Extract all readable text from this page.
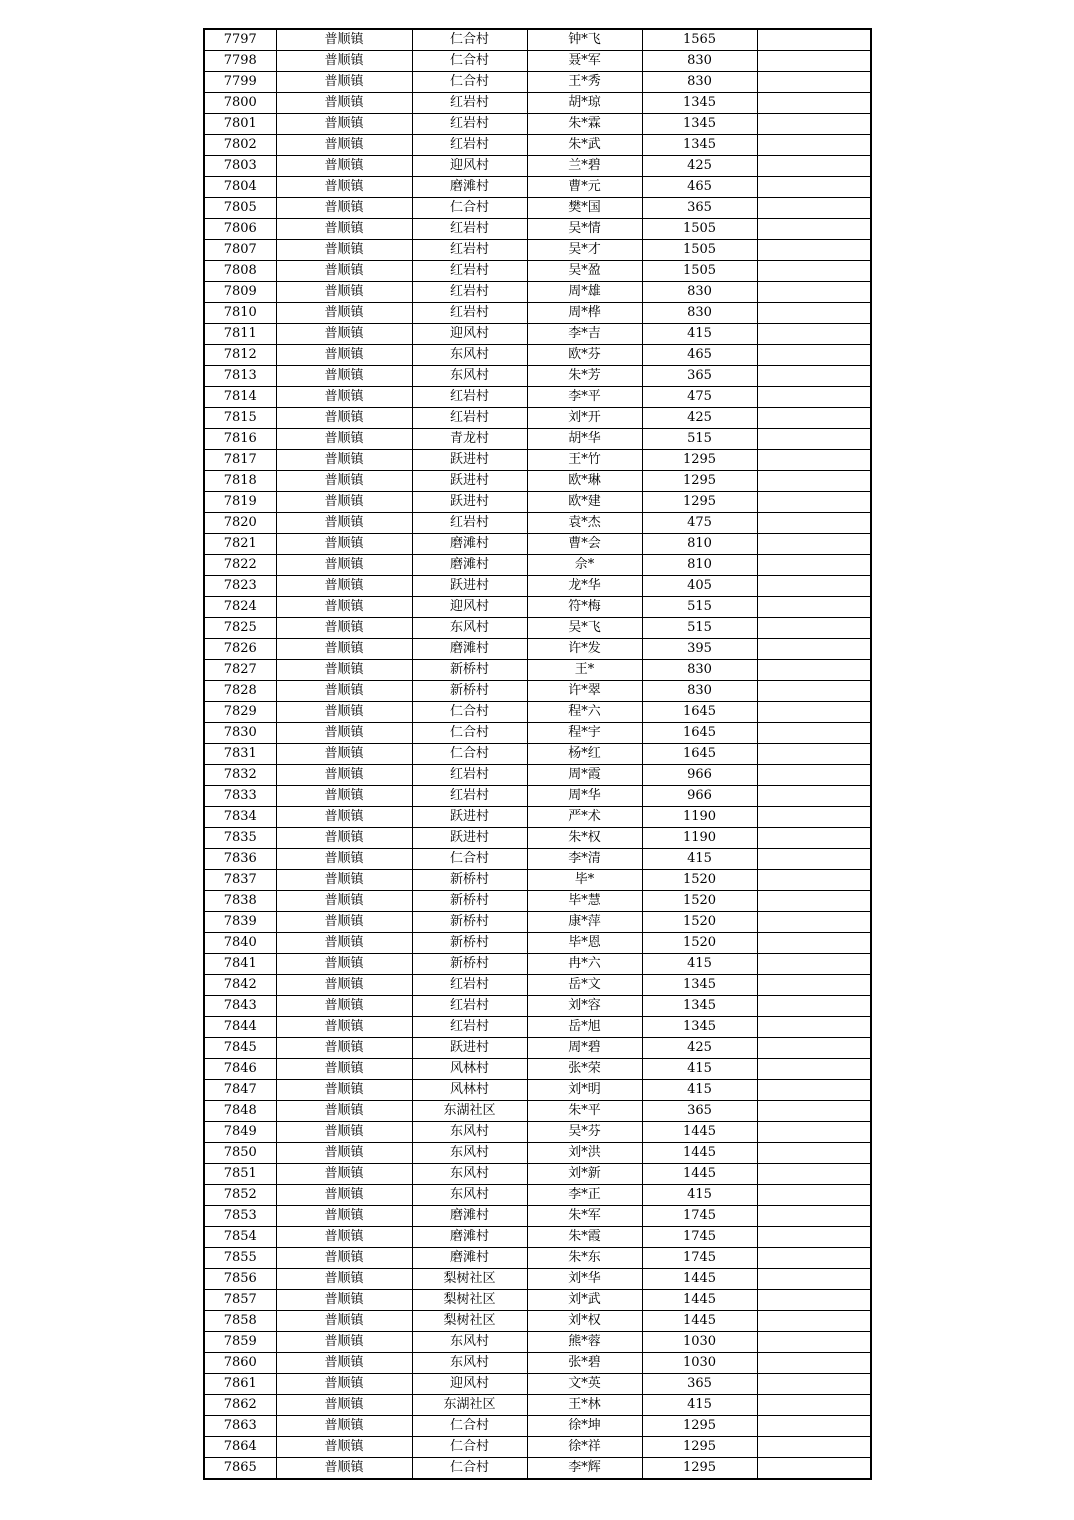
7797	普顺镇	仁合村	钟*飞	1565	
7798	普顺镇	仁合村	聂*军	830	
7799	普顺镇	仁合村	王*秀	830	
7800	普顺镇	红岩村	胡*琼	1345	
7801	普顺镇	红岩村	朱*霖	1345	
7802	普顺镇	红岩村	朱*武	1345	
7803	普顺镇	迎风村	兰*碧	425	
7804	普顺镇	磨滩村	曹*元	465	
7805	普顺镇	仁合村	樊*国	365	
7806	普顺镇	红岩村	吴*情	1505	
7807	普顺镇	红岩村	吴*才	1505	
7808	普顺镇	红岩村	吴*盈	1505	
7809	普顺镇	红岩村	周*雄	830	
7810	普顺镇	红岩村	周*桦	830	
7811	普顺镇	迎风村	李*吉	415	
7812	普顺镇	东风村	欧*芬	465	
7813	普顺镇	东风村	朱*芳	365	
7814	普顺镇	红岩村	李*平	475	
7815	普顺镇	红岩村	刘*开	425	
7816	普顺镇	青龙村	胡*华	515	
7817	普顺镇	跃进村	王*竹	1295	
7818	普顺镇	跃进村	欧*琳	1295	
7819	普顺镇	跃进村	欧*建	1295	
7820	普顺镇	红岩村	袁*杰	475	
7821	普顺镇	磨滩村	曹*会	810	
7822	普顺镇	磨滩村	佘*	810	
7823	普顺镇	跃进村	龙*华	405	
7824	普顺镇	迎风村	符*梅	515	
7825	普顺镇	东风村	吴*飞	515	
7826	普顺镇	磨滩村	许*发	395	
7827	普顺镇	新桥村	王*	830	
7828	普顺镇	新桥村	许*翠	830	
7829	普顺镇	仁合村	程*六	1645	
7830	普顺镇	仁合村	程*宇	1645	
7831	普顺镇	仁合村	杨*红	1645	
7832	普顺镇	红岩村	周*霞	966	
7833	普顺镇	红岩村	周*华	966	
7834	普顺镇	跃进村	严*术	1190	
7835	普顺镇	跃进村	朱*权	1190	
7836	普顺镇	仁合村	李*清	415	
7837	普顺镇	新桥村	毕*	1520	
7838	普顺镇	新桥村	毕*慧	1520	
7839	普顺镇	新桥村	康*萍	1520	
7840	普顺镇	新桥村	毕*恩	1520	
7841	普顺镇	新桥村	冉*六	415	
7842	普顺镇	红岩村	岳*文	1345	
7843	普顺镇	红岩村	刘*容	1345	
7844	普顺镇	红岩村	岳*旭	1345	
7845	普顺镇	跃进村	周*碧	425	
7846	普顺镇	风林村	张*荣	415	
7847	普顺镇	风林村	刘*明	415	
7848	普顺镇	东湖社区	朱*平	365	
7849	普顺镇	东风村	吴*芬	1445	
7850	普顺镇	东风村	刘*洪	1445	
7851	普顺镇	东风村	刘*新	1445	
7852	普顺镇	东风村	李*正	415	
7853	普顺镇	磨滩村	朱*军	1745	
7854	普顺镇	磨滩村	朱*霞	1745	
7855	普顺镇	磨滩村	朱*东	1745	
7856	普顺镇	梨树社区	刘*华	1445	
7857	普顺镇	梨树社区	刘*武	1445	
7858	普顺镇	梨树社区	刘*权	1445	
7859	普顺镇	东风村	熊*蓉	1030	
7860	普顺镇	东风村	张*碧	1030	
7861	普顺镇	迎风村	文*英	365	
7862	普顺镇	东湖社区	王*林	415	
7863	普顺镇	仁合村	徐*坤	1295	
7864	普顺镇	仁合村	徐*祥	1295	
7865	普顺镇	仁合村	李*辉	1295	
